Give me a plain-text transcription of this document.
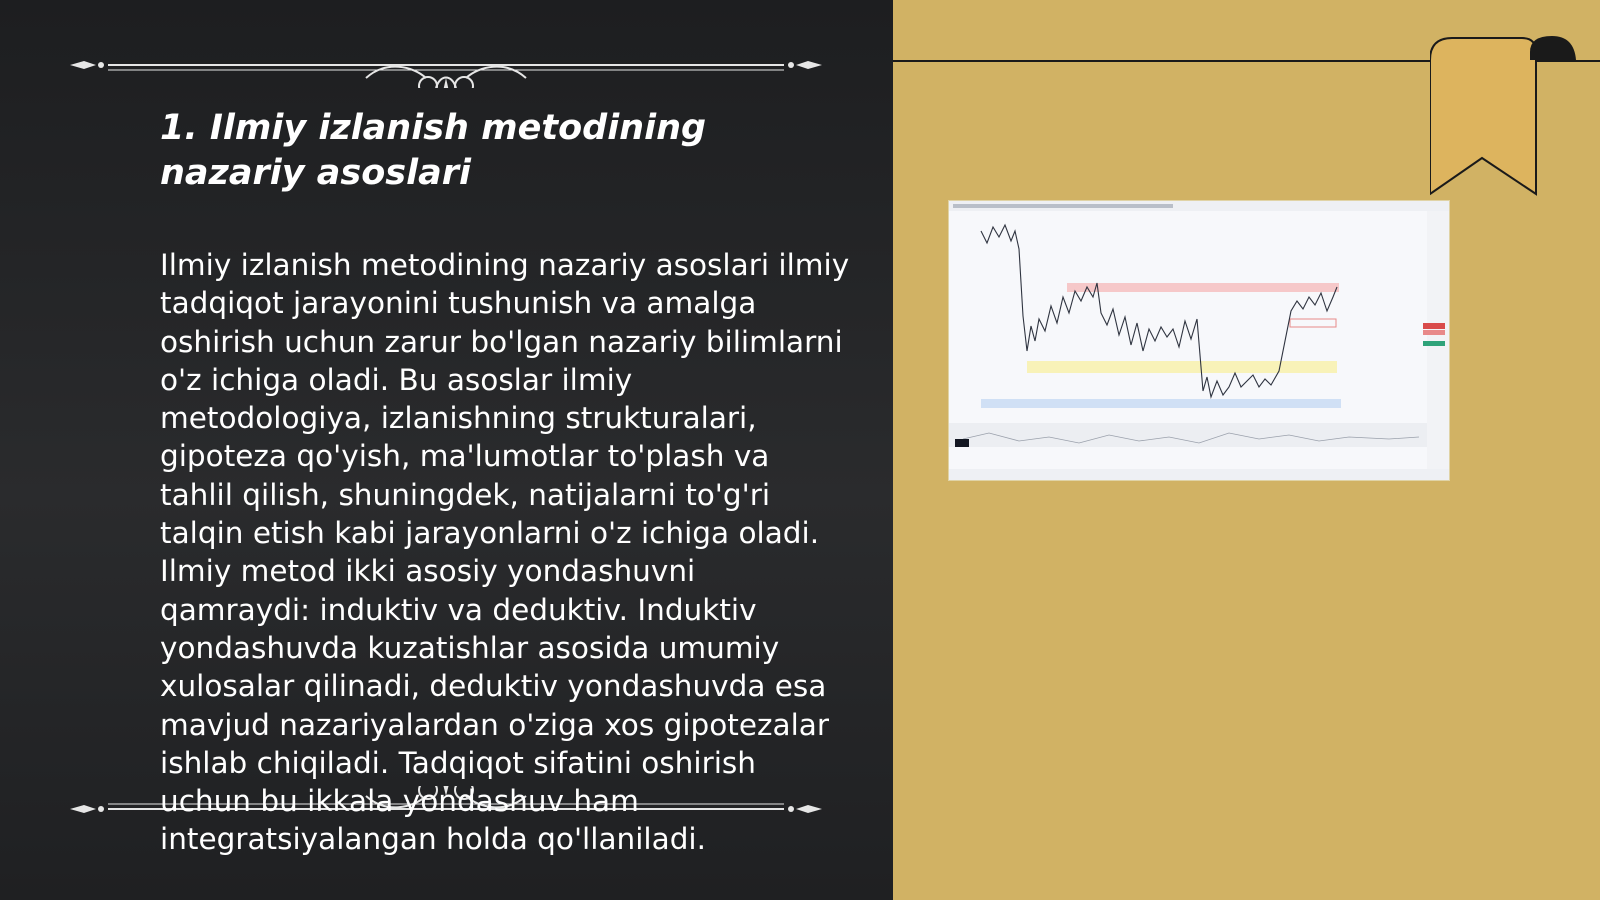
1. Ilmiy izlanish metodining nazariy asoslari

Ilmiy izlanish metodining nazariy asoslari ilmiy tadqiqot jarayonini tushunish va amalga oshirish uchun zarur bo'lgan nazariy bilimlarni o'z ichiga oladi. Bu asoslar ilmiy metodologiya, izlanishning strukturalari, gipoteza qo'yish, ma'lumotlar to'plash va tahlil qilish, shuningdek, natijalarni to'g'ri talqin etish kabi jarayonlarni o'z ichiga oladi. Ilmiy metod ikki asosiy yondashuvni qamraydi: induktiv va deduktiv. Induktiv yondashuvda kuzatishlar asosida umumiy xulosalar qilinadi, deduktiv yondashuvda esa mavjud nazariyalardan o'ziga xos gipotezalar ishlab chiqiladi. Tadqiqot sifatini oshirish uchun bu ikkala yondashuv ham integratsiyalangan holda qo'llaniladi.
